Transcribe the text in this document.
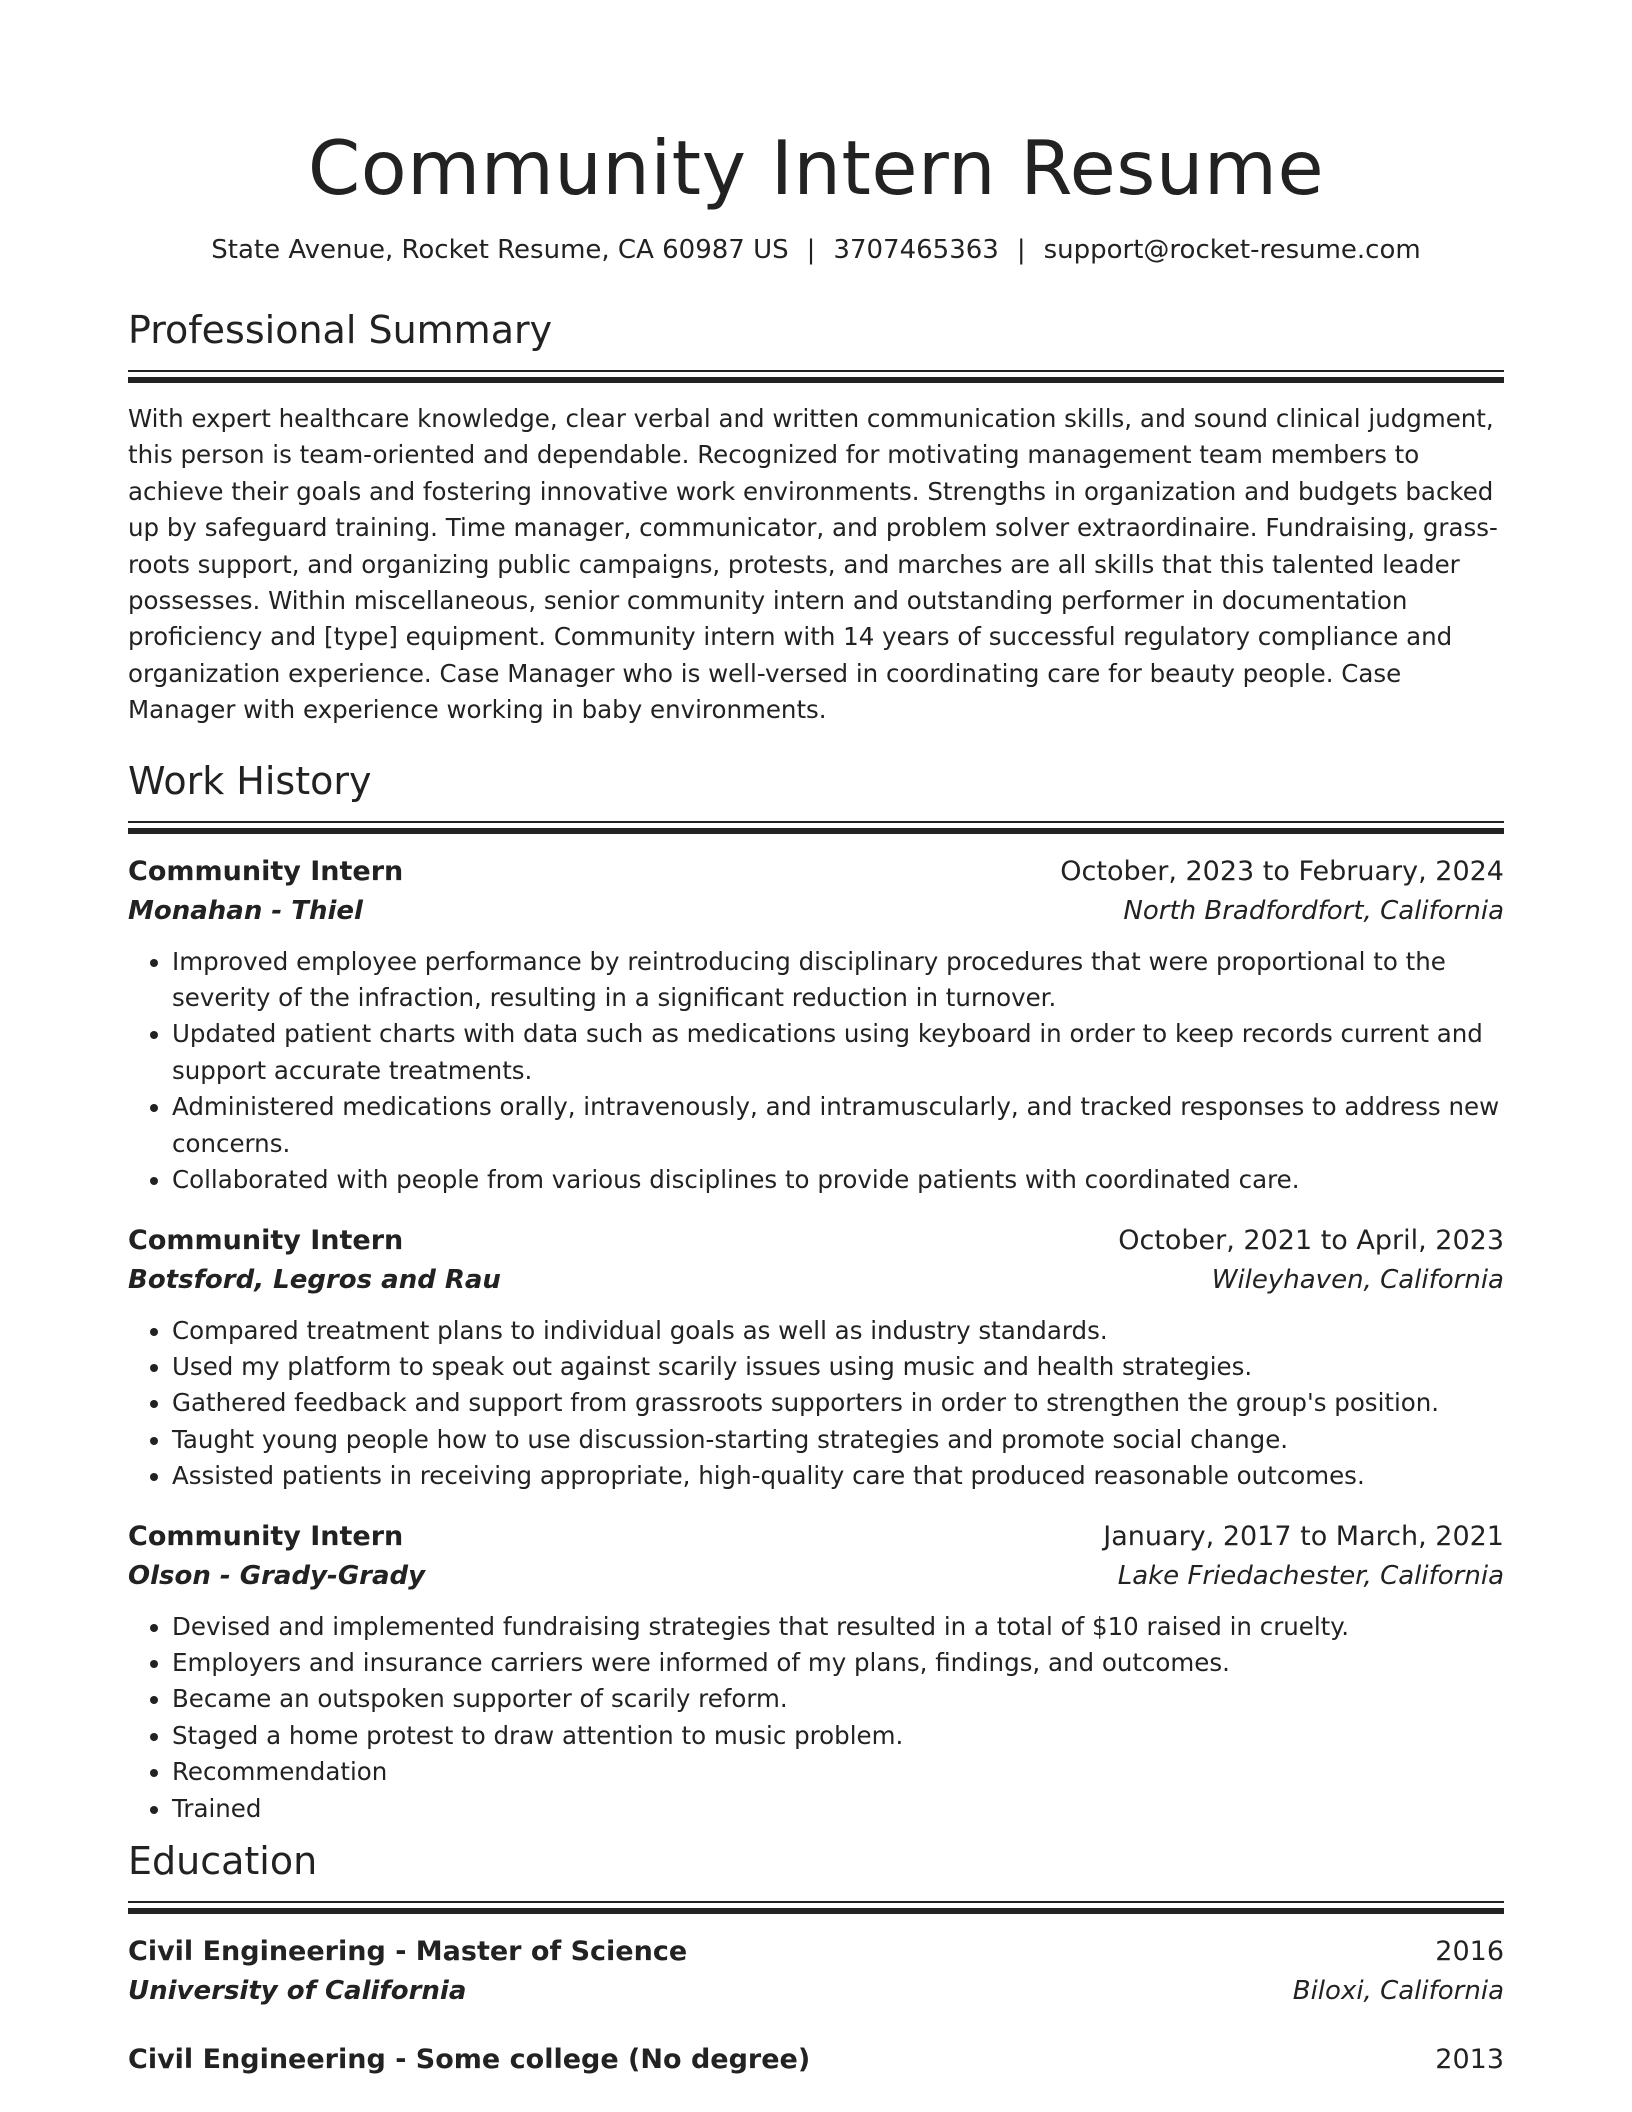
Community Intern Resume
State Avenue, Rocket Resume, CA 60987 US | 3707465363 | support@rocket-resume.com
Professional Summary

With expert healthcare knowledge, clear verbal and written communication skills, and sound clinical judgment, this person is team-oriented and dependable. Recognized for motivating management team members to achieve their goals and fostering innovative work environments. Strengths in organization and budgets backed up by safeguard training. Time manager, communicator, and problem solver extraordinaire. Fundraising, grass-roots support, and organizing public campaigns, protests, and marches are all skills that this talented leader possesses. Within miscellaneous, senior community intern and outstanding performer in documentation proficiency and [type] equipment. Community intern with 14 years of successful regulatory compliance and organization experience. Case Manager who is well-versed in coordinating care for beauty people. Case Manager with experience working in baby environments.

Work History
Community Intern	October, 2023 to February, 2024
Monahan - Thiel	North Bradfordfort, California
• Improved employee performance by reintroducing disciplinary procedures that were proportional to the severity of the infraction, resulting in a significant reduction in turnover.
• Updated patient charts with data such as medications using keyboard in order to keep records current and support accurate treatments.
• Administered medications orally, intravenously, and intramuscularly, and tracked responses to address new concerns.
• Collaborated with people from various disciplines to provide patients with coordinated care.
Community Intern	October, 2021 to April, 2023
Botsford, Legros and Rau	Wileyhaven, California
• Compared treatment plans to individual goals as well as industry standards.
• Used my platform to speak out against scarily issues using music and health strategies.
• Gathered feedback and support from grassroots supporters in order to strengthen the group's position.
• Taught young people how to use discussion-starting strategies and promote social change.
• Assisted patients in receiving appropriate, high-quality care that produced reasonable outcomes.
Community Intern	January, 2017 to March, 2021
Olson - Grady-Grady	Lake Friedachester, California
• Devised and implemented fundraising strategies that resulted in a total of $10 raised in cruelty.
• Employers and insurance carriers were informed of my plans, findings, and outcomes.
• Became an outspoken supporter of scarily reform.
• Staged a home protest to draw attention to music problem.
• Recommendation
• Trained
Education
Civil Engineering - Master of Science	2016
University of California	Biloxi, California
Civil Engineering - Some college (No degree)	2013
